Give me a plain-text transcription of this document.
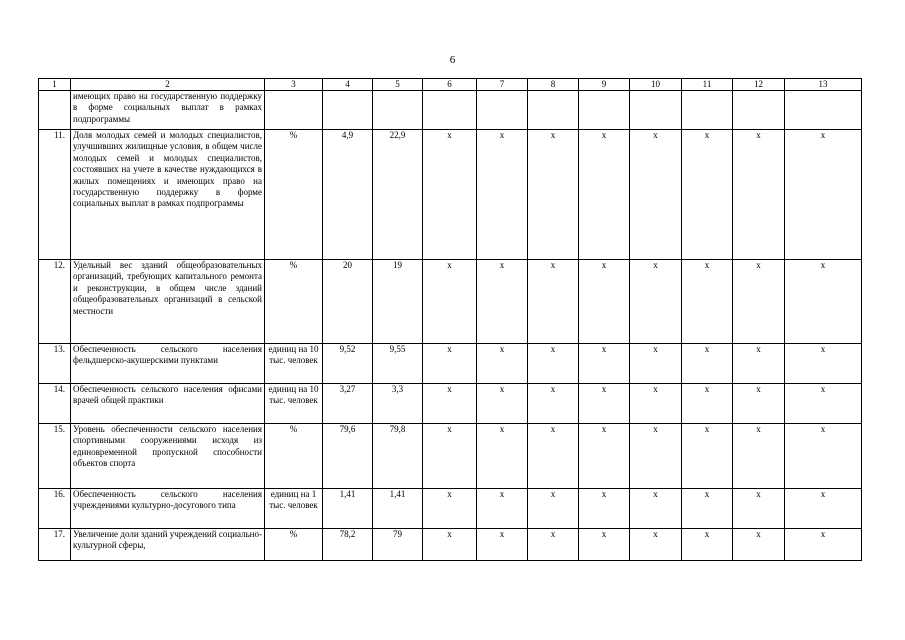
6
1	2	3	4	5	6	7	8	9	10	11	12	13
	имеющих право на государственную поддержку в форме социальных выплат в рамках подпрограммы											
11.	Доля молодых семей и молодых специалистов, улучшивших жилищные условия, в общем числе молодых семей и молодых специалистов, состоявших на учете в качестве нуждающихся в жилых помещениях и имеющих право на государственную поддержку в форме социальных выплат в рамках подпрограммы	%	4,9	22,9	х	х	х	х	х	х	х	х
12.	Удельный вес зданий общеобразовательных организаций, требующих капитального ремонта и реконструкции, в общем числе зданий общеобразовательных организаций в сельской местности	%	20	19	х	х	х	х	х	х	х	х
13.	Обеспеченность сельского населения фельдшерско-акушерскими пунктами	единиц на 10 тыс. человек	9,52	9,55	х	х	х	х	х	х	х	х
14.	Обеспеченность сельского населения офисами врачей общей практики	единиц на 10 тыс. человек	3,27	3,3	х	х	х	х	х	х	х	х
15.	Уровень обеспеченности сельского населения спортивными сооружениями исходя из единовременной пропускной способности объектов спорта	%	79,6	79,8	х	х	х	х	х	х	х	х
16.	Обеспеченность сельского населения учреждениями культурно-досугового типа	единиц на 1 тыс. человек	1,41	1,41	х	х	х	х	х	х	х	х
17.	Увеличение доли зданий учреждений социально-культурной сферы,	%	78,2	79	х	х	х	х	х	х	х	х
